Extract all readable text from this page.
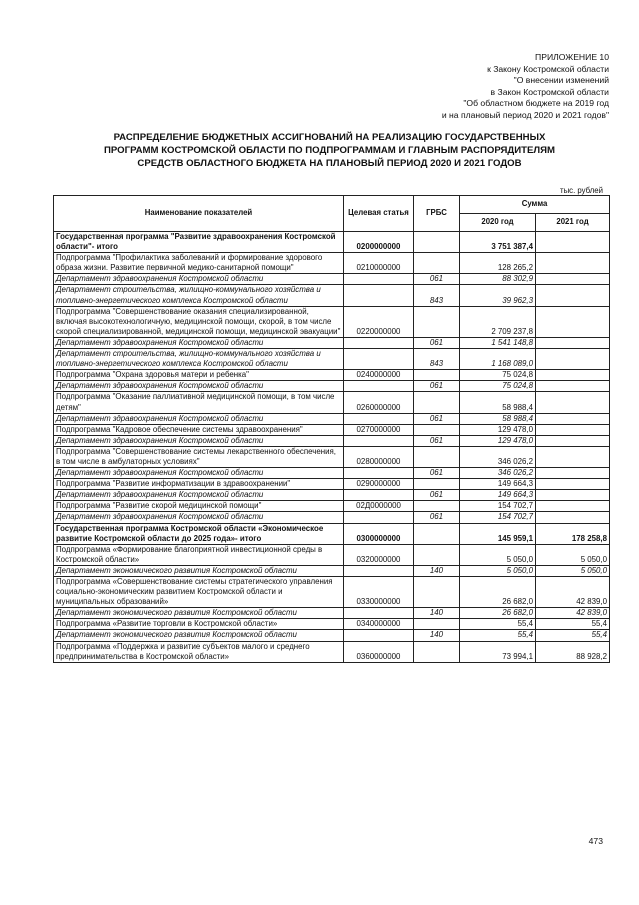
ПРИЛОЖЕНИЕ 10
к Закону Костромской области
"О внесении изменений
в Закон Костромской области
"Об областном бюджете на 2019 год
и на плановый период 2020 и 2021 годов"
РАСПРЕДЕЛЕНИЕ БЮДЖЕТНЫХ АССИГНОВАНИЙ НА РЕАЛИЗАЦИЮ ГОСУДАРСТВЕННЫХ
ПРОГРАММ КОСТРОМСКОЙ ОБЛАСТИ ПО ПОДПРОГРАММАМ И ГЛАВНЫМ РАСПОРЯДИТЕЛЯМ
СРЕДСТВ ОБЛАСТНОГО БЮДЖЕТА НА ПЛАНОВЫЙ ПЕРИОД 2020 И 2021 ГОДОВ
тыс. рублей
Наименование показателей	Целевая статья	ГРБС	Сумма	
			2020 год	2021 год
Государственная программа "Развитие здравоохранения Костромской области"- итого	0200000000		3 751 387,4	
Подпрограмма "Профилактика заболеваний и формирование здорового образа жизни. Развитие первичной медико-санитарной помощи"	0210000000		128 265,2	
Департамент здравоохранения Костромской области		061	88 302,9	
Департамент строительства, жилищно-коммунального хозяйства и топливно-энергетического комплекса Костромской области		843	39 962,3	
Подпрограмма "Совершенствование оказания специализированной, включая высокотехнологичную, медицинской помощи, скорой, в том числе скорой специализированной, медицинской помощи, медицинской эвакуации"	0220000000		2 709 237,8	
Департамент здравоохранения Костромской области		061	1 541 148,8	
Департамент строительства, жилищно-коммунального хозяйства и топливно-энергетического комплекса Костромской области		843	1 168 089,0	
Подпрограмма "Охрана здоровья матери и ребенка"	0240000000		75 024,8	
Департамент здравоохранения Костромской области		061	75 024,8	
Подпрограмма "Оказание паллиативной медицинской помощи, в том числе детям"	0260000000		58 988,4	
Департамент здравоохранения Костромской области		061	58 988,4	
Подпрограмма "Кадровое обеспечение системы здравоохранения"	0270000000		129 478,0	
Департамент здравоохранения Костромской области		061	129 478,0	
Подпрограмма "Совершенствование системы лекарственного обеспечения, в том числе в амбулаторных условиях"	0280000000		346 026,2	
Департамент здравоохранения Костромской области		061	346 026,2	
Подпрограмма "Развитие информатизации в здравоохранении"	0290000000		149 664,3	
Департамент здравоохранения Костромской области		061	149 664,3	
Подпрограмма "Развитие скорой медицинской помощи"	02Д0000000		154 702,7	
Департамент здравоохранения Костромской области		061	154 702,7	
Государственная программа Костромской области «Экономическое развитие Костромской области до 2025 года»- итого	0300000000		145 959,1	178 258,8
Подпрограмма «Формирование благоприятной инвестиционной среды в Костромской области»	0320000000		5 050,0	5 050,0
Департамент экономического развития Костромской области		140	5 050,0	5 050,0
Подпрограмма «Совершенствование системы стратегического управления социально-экономическим развитием Костромской области и муниципальных образований»	0330000000		26 682,0	42 839,0
Департамент экономического развития Костромской области		140	26 682,0	42 839,0
Подпрограмма «Развитие торговли в Костромской области»	0340000000		55,4	55,4
Департамент экономического развития Костромской области		140	55,4	55,4
Подпрограмма «Поддержка и развитие субъектов малого и среднего предпринимательства в Костромской области»	0360000000		73 994,1	88 928,2
473
